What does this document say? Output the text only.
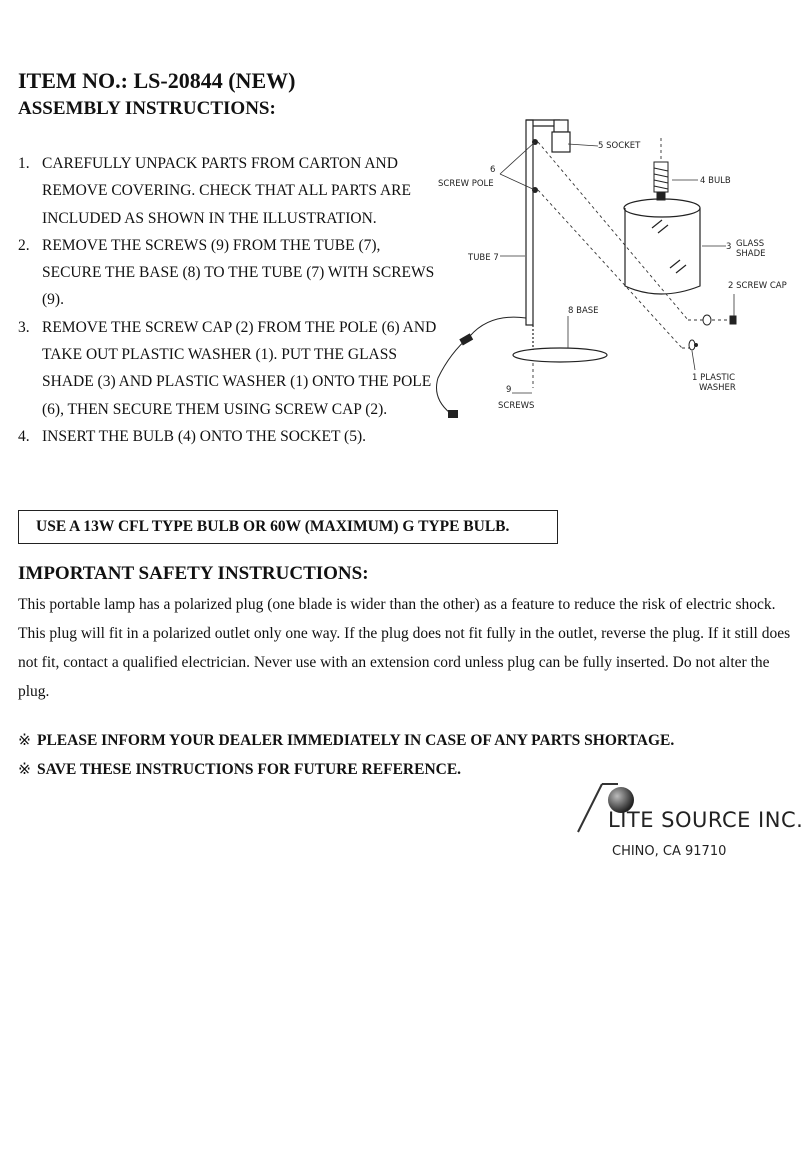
ITEM NO.: LS-20844 (NEW)
ASSEMBLY INSTRUCTIONS:
1. CAREFULLY UNPACK PARTS FROM CARTON AND REMOVE COVERING. CHECK THAT ALL PARTS ARE INCLUDED AS SHOWN IN THE ILLUSTRATION.
2. REMOVE THE SCREWS (9) FROM THE TUBE (7), SECURE THE BASE (8) TO THE TUBE (7) WITH SCREWS (9).
3. REMOVE THE SCREW CAP (2) FROM THE POLE (6) AND TAKE OUT PLASTIC WASHER (1). PUT THE GLASS SHADE (3) AND PLASTIC WASHER (1) ONTO THE POLE (6), THEN SECURE THEM USING SCREW CAP (2).
4. INSERT THE BULB (4) ONTO THE SOCKET (5).
USE A 13W CFL TYPE BULB OR 60W (MAXIMUM) G TYPE BULB.
IMPORTANT SAFETY INSTRUCTIONS:
This portable lamp has a polarized plug (one blade is wider than the other) as a feature to reduce the risk of electric shock. This plug will fit in a polarized outlet only one way. If the plug does not fit fully in the outlet, reverse the plug. If it still does not fit, contact a qualified electrician. Never use with an extension cord unless plug can be fully inserted. Do not alter the plug.
※ PLEASE INFORM YOUR DEALER IMMEDIATELY IN CASE OF ANY PARTS SHORTAGE.
※ SAVE THESE INSTRUCTIONS FOR FUTURE REFERENCE.
5 SOCKET
6
SCREW POLE	4 BULB
TUBE 7
3 GLASS
SHADE
2 SCREW CAP
8 BASE
1 PLASTIC
WASHER
9
SCREWS
LITE SOURCE INC.
CHINO, CA 91710
